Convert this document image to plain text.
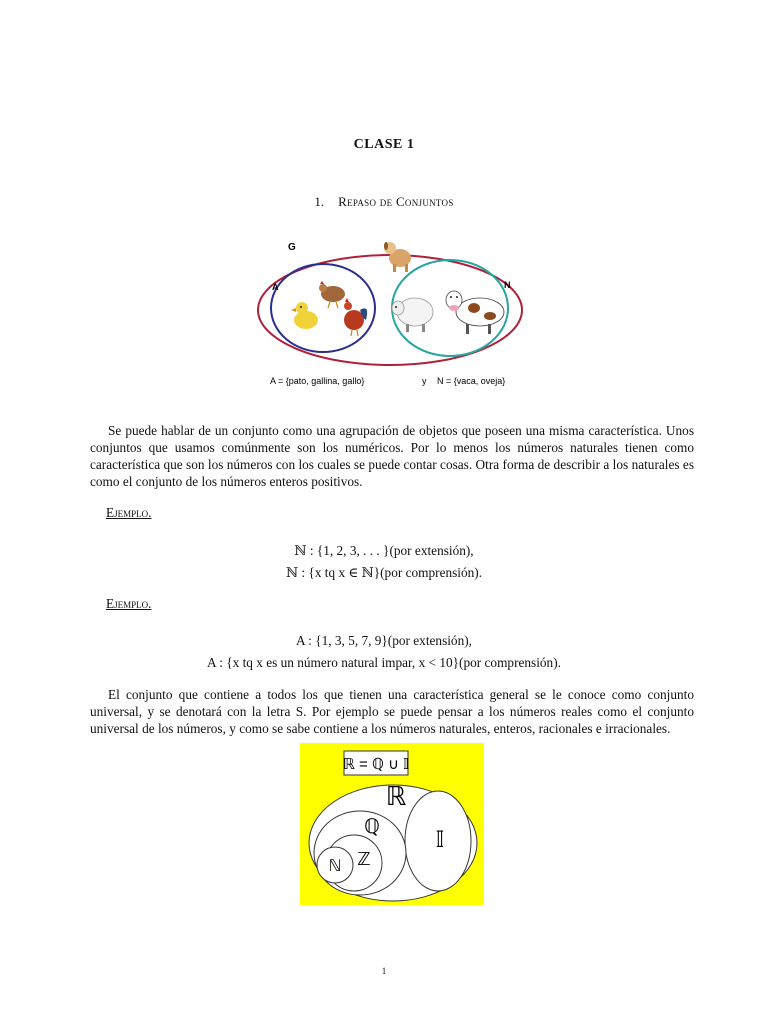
CLASE 1
1. Repaso de Conjuntos
G
A	N
A = {pato, gallina, gallo}	y N = {vaca, oveja}

Se puede hablar de un conjunto como una agrupación de objetos que poseen una misma característica. Unos conjuntos que usamos comúnmente son los numéricos. Por lo menos los números naturales tienen como característica que son los números con los cuales se puede contar cosas. Otra forma de describir a los naturales es como el conjunto de los números enteros positivos.

Ejemplo.
ℕ : {1, 2, 3, . . . }(por extensión),
ℕ : {x tq x ∈ ℕ}(por comprensión).
Ejemplo.
A : {1, 3, 5, 7, 9}(por extensión),
A : {x tq x es un número natural impar, x < 10}(por comprensión).

El conjunto que contiene a todos los que tienen una característica general se le conoce como conjunto universal, y se denotará con la letra S. Por ejemplo se puede pensar a los números reales como el conjunto universal de los números, y como se sabe contiene a los números naturales, enteros, racionales e irracionales.

ℝ = ℚ ∪ 𝕀
ℝ
𝕀
ℚ
ℤ
ℕ
1
